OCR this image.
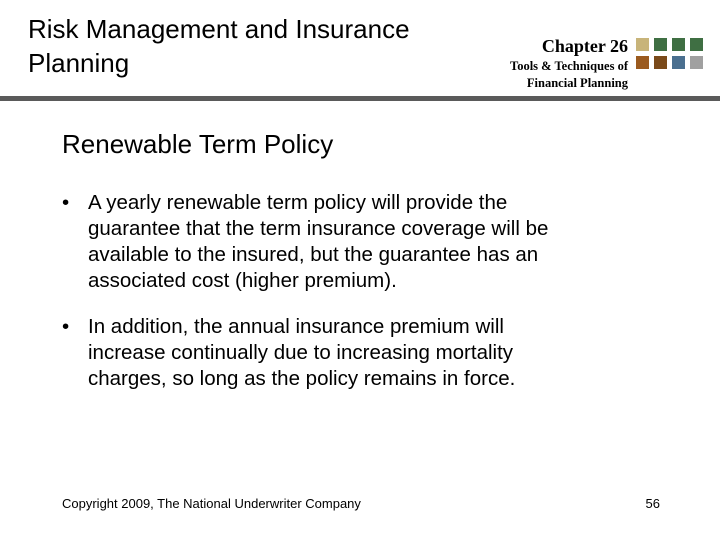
Risk Management and Insurance
Planning
Chapter 26
Tools & Techniques of
Financial Planning
Renewable Term Policy
• A yearly renewable term policy will provide the
guarantee that the term insurance coverage will be
available to the insured, but the guarantee has an
associated cost (higher premium).
• In addition, the annual insurance premium will
increase continually due to increasing mortality
charges, so long as the policy remains in force.
Copyright 2009, The National Underwriter Company	56
